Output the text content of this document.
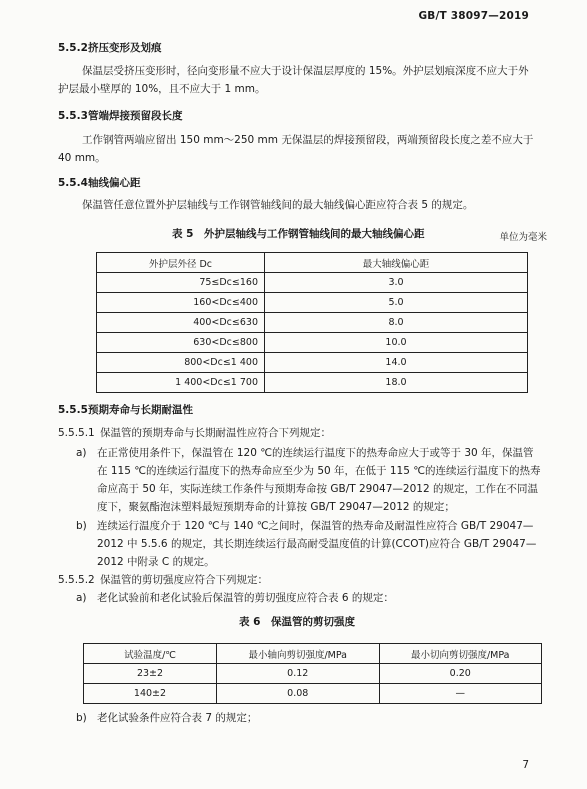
GB/T 38097—2019
5.5.2挤压变形及划痕
保温层受挤压变形时，径向变形量不应大于设计保温层厚度的 15%。外护层划痕深度不应大于外
护层最小壁厚的 10%，且不应大于 1 mm。
5.5.3管端焊接预留段长度
工作钢管两端应留出 150 mm～250 mm 无保温层的焊接预留段，两端预留段长度之差不应大于
40 mm。
5.5.4轴线偏心距
保温管任意位置外护层轴线与工作钢管轴线间的最大轴线偏心距应符合表 5 的规定。
表 5　外护层轴线与工作钢管轴线间的最大轴线偏心距	单位为毫米
外护层外径 Dc	最大轴线偏心距
75≤Dc≤160	3.0
160<Dc≤400	5.0
400<Dc≤630	8.0
630<Dc≤800	10.0
800<Dc≤1 400	14.0
1 400<Dc≤1 700	18.0
5.5.5预期寿命与长期耐温性
5.5.5.1 保温管的预期寿命与长期耐温性应符合下列规定：
a) 在正常使用条件下，保温管在 120 ℃的连续运行温度下的热寿命应大于或等于 30 年，保温管
在 115 ℃的连续运行温度下的热寿命应至少为 50 年，在低于 115 ℃的连续运行温度下的热寿
命应高于 50 年，实际连续工作条件与预期寿命按 GB/T 29047—2012 的规定，工作在不同温
度下，聚氨酯泡沫塑料最短预期寿命的计算按 GB/T 29047—2012 的规定；
b) 连续运行温度介于 120 ℃与 140 ℃之间时，保温管的热寿命及耐温性应符合 GB/T 29047—
2012 中 5.5.6 的规定，其长期连续运行最高耐受温度值的计算(CCOT)应符合 GB/T 29047—
2012 中附录 C 的规定。
5.5.5.2 保温管的剪切强度应符合下列规定：
a) 老化试验前和老化试验后保温管的剪切强度应符合表 6 的规定：
表 6　保温管的剪切强度
试验温度/℃	最小轴向剪切强度/MPa	最小切向剪切强度/MPa
23±2	0.12	0.20
140±2	0.08	—
b) 老化试验条件应符合表 7 的规定；
7
